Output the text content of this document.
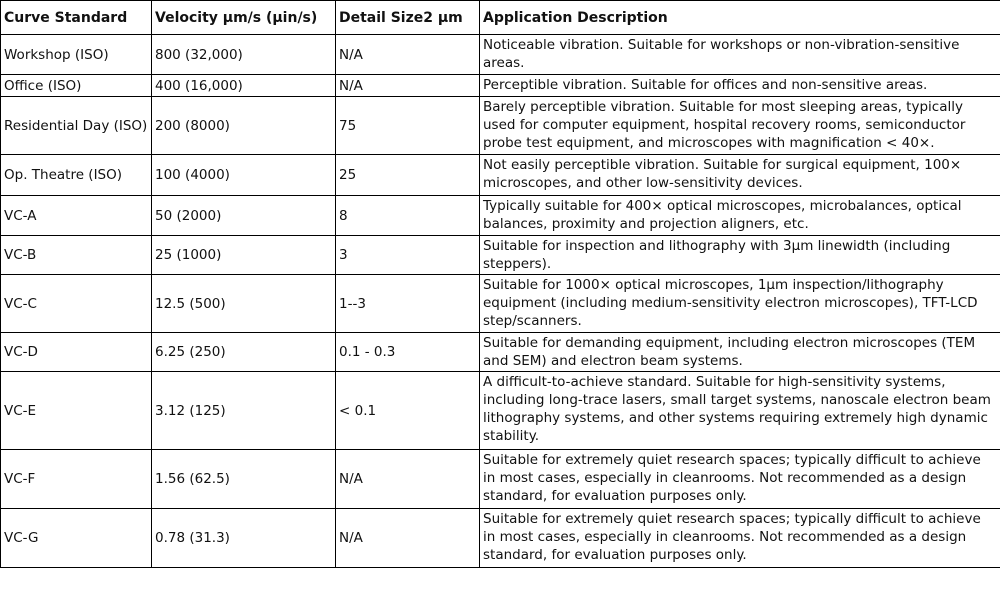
Curve Standard	Velocity μm/s (μin/s)	Detail Size2 μm	Application Description
Workshop (ISO)	800 (32,000)	N/A	Noticeable vibration. Suitable for workshops or non-vibration-sensitive areas.
Office (ISO)	400 (16,000)	N/A	Perceptible vibration. Suitable for offices and non-sensitive areas.
Residential Day (ISO)	200 (8000)	75	Barely perceptible vibration. Suitable for most sleeping areas, typically used for computer equipment, hospital recovery rooms, semiconductor probe test equipment, and microscopes with magnification < 40×.
Op. Theatre (ISO)	100 (4000)	25	Not easily perceptible vibration. Suitable for surgical equipment, 100× microscopes, and other low-sensitivity devices.
VC-A	50 (2000)	8	Typically suitable for 400× optical microscopes, microbalances, optical balances, proximity and projection aligners, etc.
VC-B	25 (1000)	3	Suitable for inspection and lithography with 3μm linewidth (including steppers).
VC-C	12.5 (500)	1--3	Suitable for 1000× optical microscopes, 1μm inspection/lithography equipment (including medium-sensitivity electron microscopes), TFT-LCD step/scanners.
VC-D	6.25 (250)	0.1 - 0.3	Suitable for demanding equipment, including electron microscopes (TEM and SEM) and electron beam systems.
VC-E	3.12 (125)	< 0.1	A difficult-to-achieve standard. Suitable for high-sensitivity systems, including long-trace lasers, small target systems, nanoscale electron beam lithography systems, and other systems requiring extremely high dynamic stability.
VC-F	1.56 (62.5)	N/A	Suitable for extremely quiet research spaces; typically difficult to achieve in most cases, especially in cleanrooms. Not recommended as a design standard, for evaluation purposes only.
VC-G	0.78 (31.3)	N/A	Suitable for extremely quiet research spaces; typically difficult to achieve in most cases, especially in cleanrooms. Not recommended as a design standard, for evaluation purposes only.
